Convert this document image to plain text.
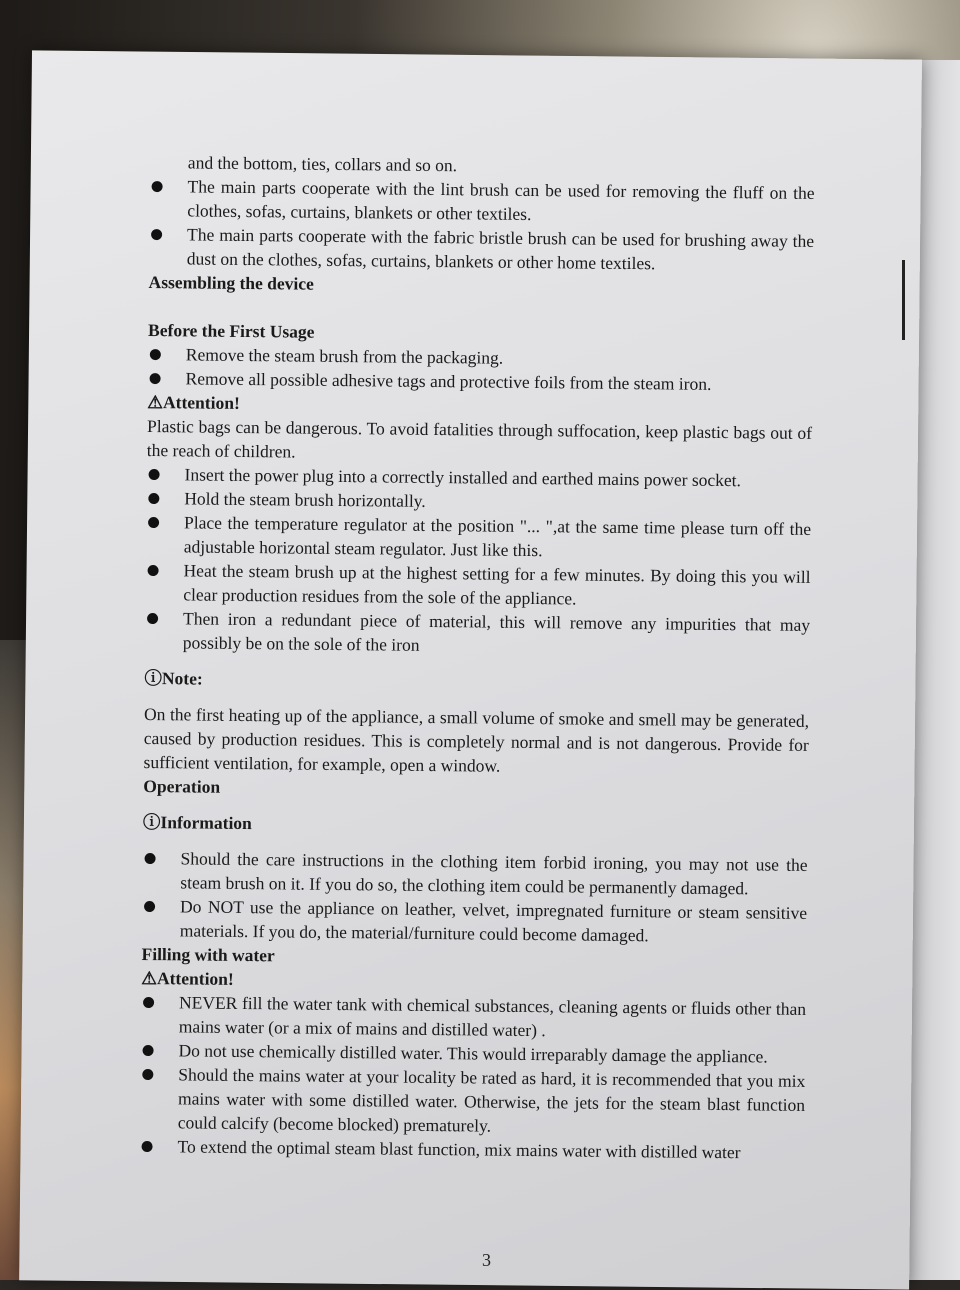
and the bottom, ties, collars and so on.

The main parts cooperate with the lint brush can be used for removing the fluff on the clothes, sofas, curtains, blankets or other textiles.
The main parts cooperate with the fabric bristle brush can be used for brushing away the dust on the clothes, sofas, curtains, blankets or other home textiles.

Assembling the device

Before the First Usage

Remove the steam brush from the packaging.
Remove all possible adhesive tags and protective foils from the steam iron.

⚠Attention!

Plastic bags can be dangerous. To avoid fatalities through suffocation, keep plastic bags out of the reach of children.

Insert the power plug into a correctly installed and earthed mains power socket.
Hold the steam brush horizontally.
Place the temperature regulator at the position "... ",at the same time please turn off the adjustable horizontal steam regulator. Just like this.
Heat the steam brush up at the highest setting for a few minutes. By doing this you will clear production residues from the sole of the appliance.
Then iron a redundant piece of material, this will remove any impurities that may possibly be on the sole of the iron

ⓘNote:

On the first heating up of the appliance, a small volume of smoke and smell may be generated, caused by production residues. This is completely normal and is not dangerous. Provide for sufficient ventilation, for example, open a window.

Operation

ⓘInformation

Should the care instructions in the clothing item forbid ironing, you may not use the steam brush on it. If you do so, the clothing item could be permanently damaged.
Do NOT use the appliance on leather, velvet, impregnated furniture or steam sensitive materials. If you do, the material/furniture could become damaged.

Filling with water

⚠Attention!

NEVER fill the water tank with chemical substances, cleaning agents or fluids other than mains water (or a mix of mains and distilled water) .
Do not use chemically distilled water. This would irreparably damage the appliance.
Should the mains water at your locality be rated as hard, it is recommended that you mix mains water with some distilled water. Otherwise, the jets for the steam blast function could calcify (become blocked) prematurely.
To extend the optimal steam blast function, mix mains water with distilled water
3
